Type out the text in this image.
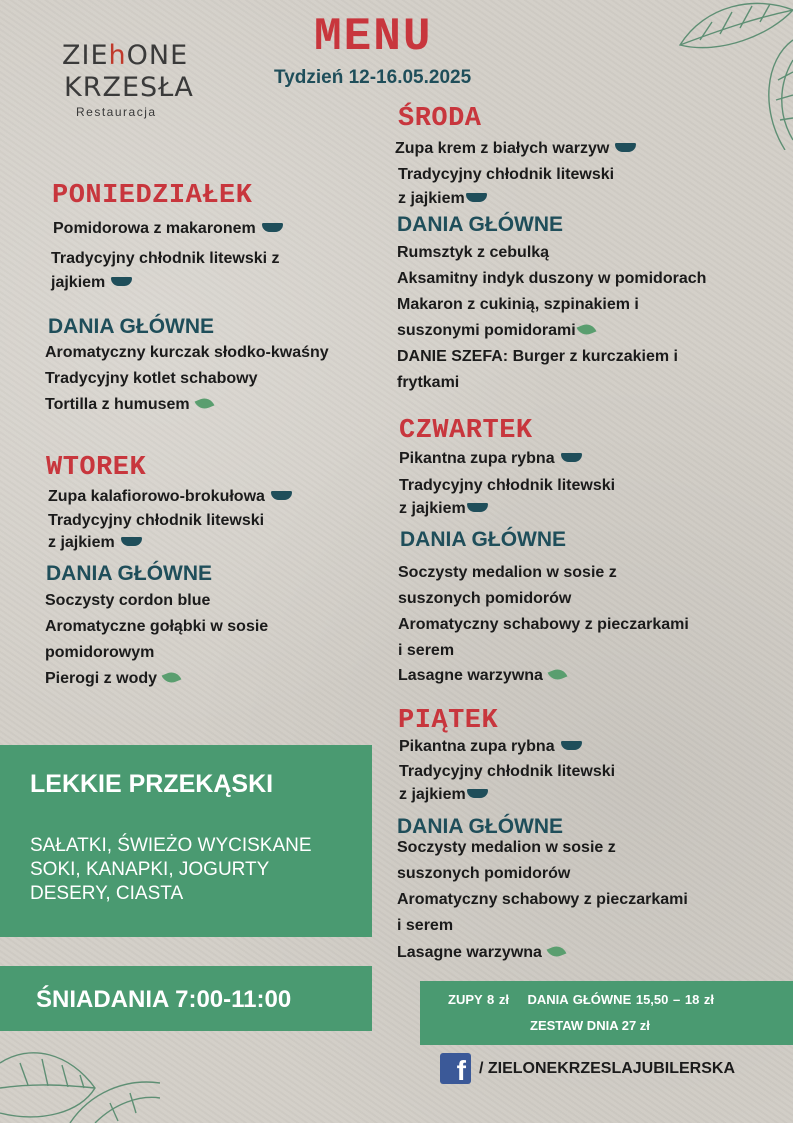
ZIEhONE
KRZESŁA
Restauracja
MENU
Tydzień 12-16.05.2025
PONIEDZIAŁEK
Pomidorowa z makaronem
Tradycyjny chłodnik litewski z
jajkiem
DANIA GŁÓWNE
Aromatyczny kurczak słodko-kwaśny
Tradycyjny kotlet schabowy
Tortilla z humusem
WTOREK
Zupa kalafiorowo-brokułowa
Tradycyjny chłodnik litewski
z jajkiem
DANIA GŁÓWNE
Soczysty cordon blue
Aromatyczne gołąbki w sosie
pomidorowym
Pierogi z wody
ŚRODA
Zupa krem z białych warzyw
Tradycyjny chłodnik litewski
z jajkiem
DANIA GŁÓWNE
Rumsztyk z cebulką
Aksamitny indyk duszony w pomidorach
Makaron z cukinią, szpinakiem i
suszonymi pomidorami
DANIE SZEFA: Burger z kurczakiem i
frytkami
CZWARTEK
Pikantna zupa rybna
Tradycyjny chłodnik litewski
z jajkiem
DANIA GŁÓWNE
Soczysty medalion w sosie z
suszonych pomidorów
Aromatyczny schabowy z pieczarkami
i serem
Lasagne warzywna
PIĄTEK
Pikantna zupa rybna
Tradycyjny chłodnik litewski
z jajkiem
DANIA GŁÓWNE
Soczysty medalion w sosie z
suszonych pomidorów
Aromatyczny schabowy z pieczarkami
i serem
Lasagne warzywna
LEKKIE PRZEKĄSKI
SAŁATKI, ŚWIEŻO WYCISKANE
SOKI, KANAPKI, JOGURTY
DESERY, CIASTA
ŚNIADANIA 7:00-11:00	ZUPY 8 zł    DANIA GŁÓWNE 15,50 – 18 zł
ZESTAW DNIA 27 zł
f / ZIELONEKRZESLAJUBILERSKA
